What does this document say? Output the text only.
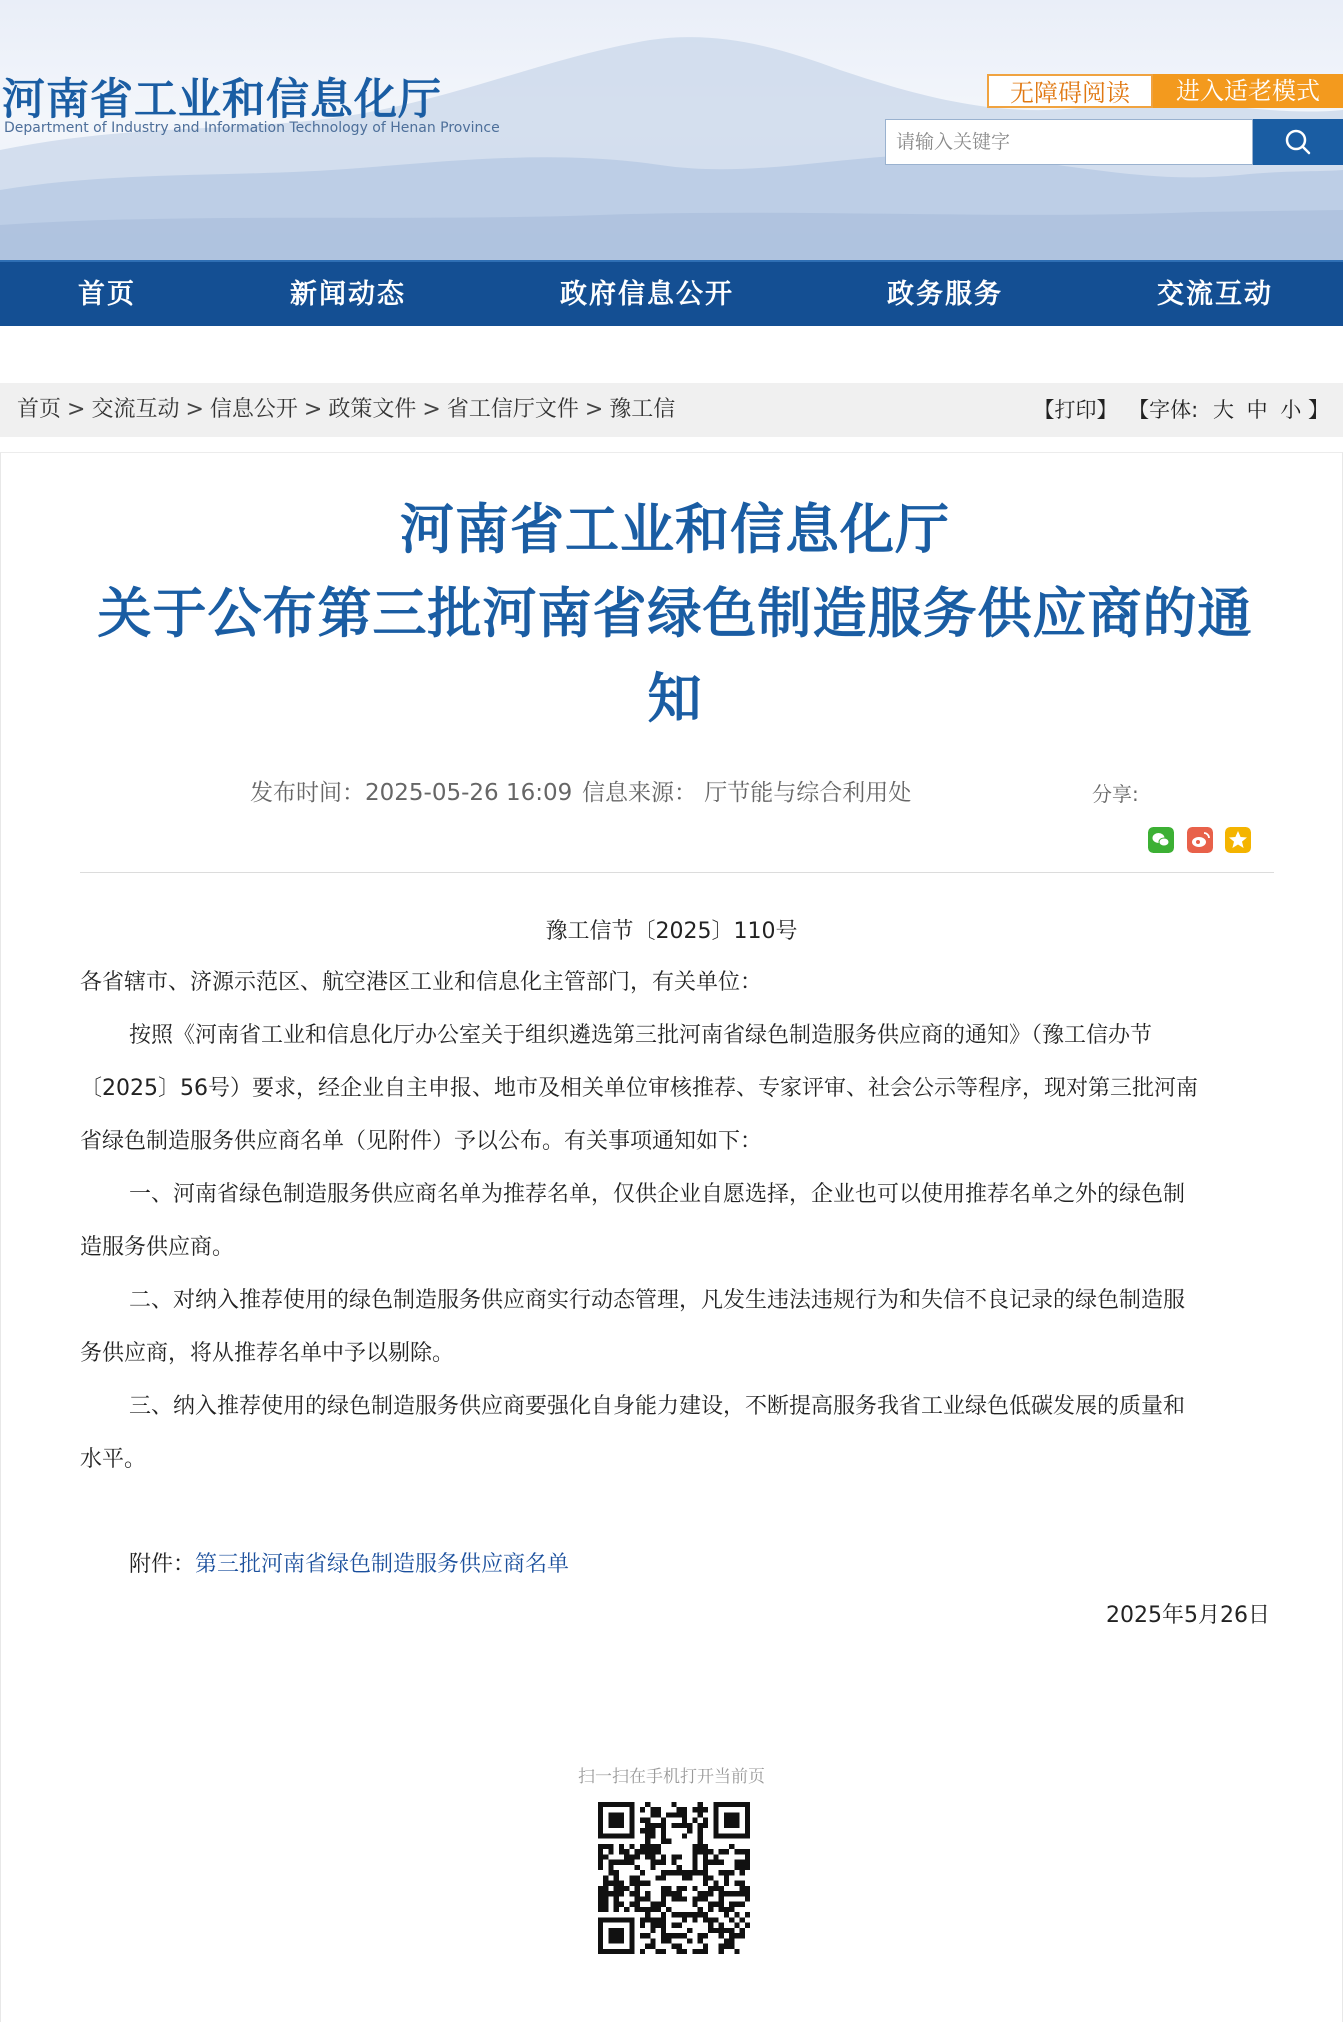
河南省工业和信息化厅
Department of Industry and Information Technology of Henan Province
无障碍阅读	进入适老模式
请输入关键字
首页	新闻动态	政府信息公开	政务服务	交流互动
首页 > 交流互动 > 信息公开 > 政策文件 > 省工信厅文件 > 豫工信	【打印】 【字体: 大 中 小 】
河南省工业和信息化厅
关于公布第三批河南省绿色制造服务供应商的通
知
发布时间：2025-05-26 16:09 信息来源： 厅节能与综合利用处	分享:
豫工信节〔2025〕110号
各省辖市、济源示范区、航空港区工业和信息化主管部门，有关单位：
按照《河南省工业和信息化厅办公室关于组织遴选第三批河南省绿色制造服务供应商的通知》（豫工信办节
〔2025〕56号）要求，经企业自主申报、地市及相关单位审核推荐、专家评审、社会公示等程序，现对第三批河南
省绿色制造服务供应商名单（见附件）予以公布。有关事项通知如下：
一、河南省绿色制造服务供应商名单为推荐名单，仅供企业自愿选择，企业也可以使用推荐名单之外的绿色制
造服务供应商。
二、对纳入推荐使用的绿色制造服务供应商实行动态管理，凡发生违法违规行为和失信不良记录的绿色制造服
务供应商，将从推荐名单中予以剔除。
三、纳入推荐使用的绿色制造服务供应商要强化自身能力建设，不断提高服务我省工业绿色低碳发展的质量和
水平。
附件：第三批河南省绿色制造服务供应商名单
2025年5月26日
扫一扫在手机打开当前页
